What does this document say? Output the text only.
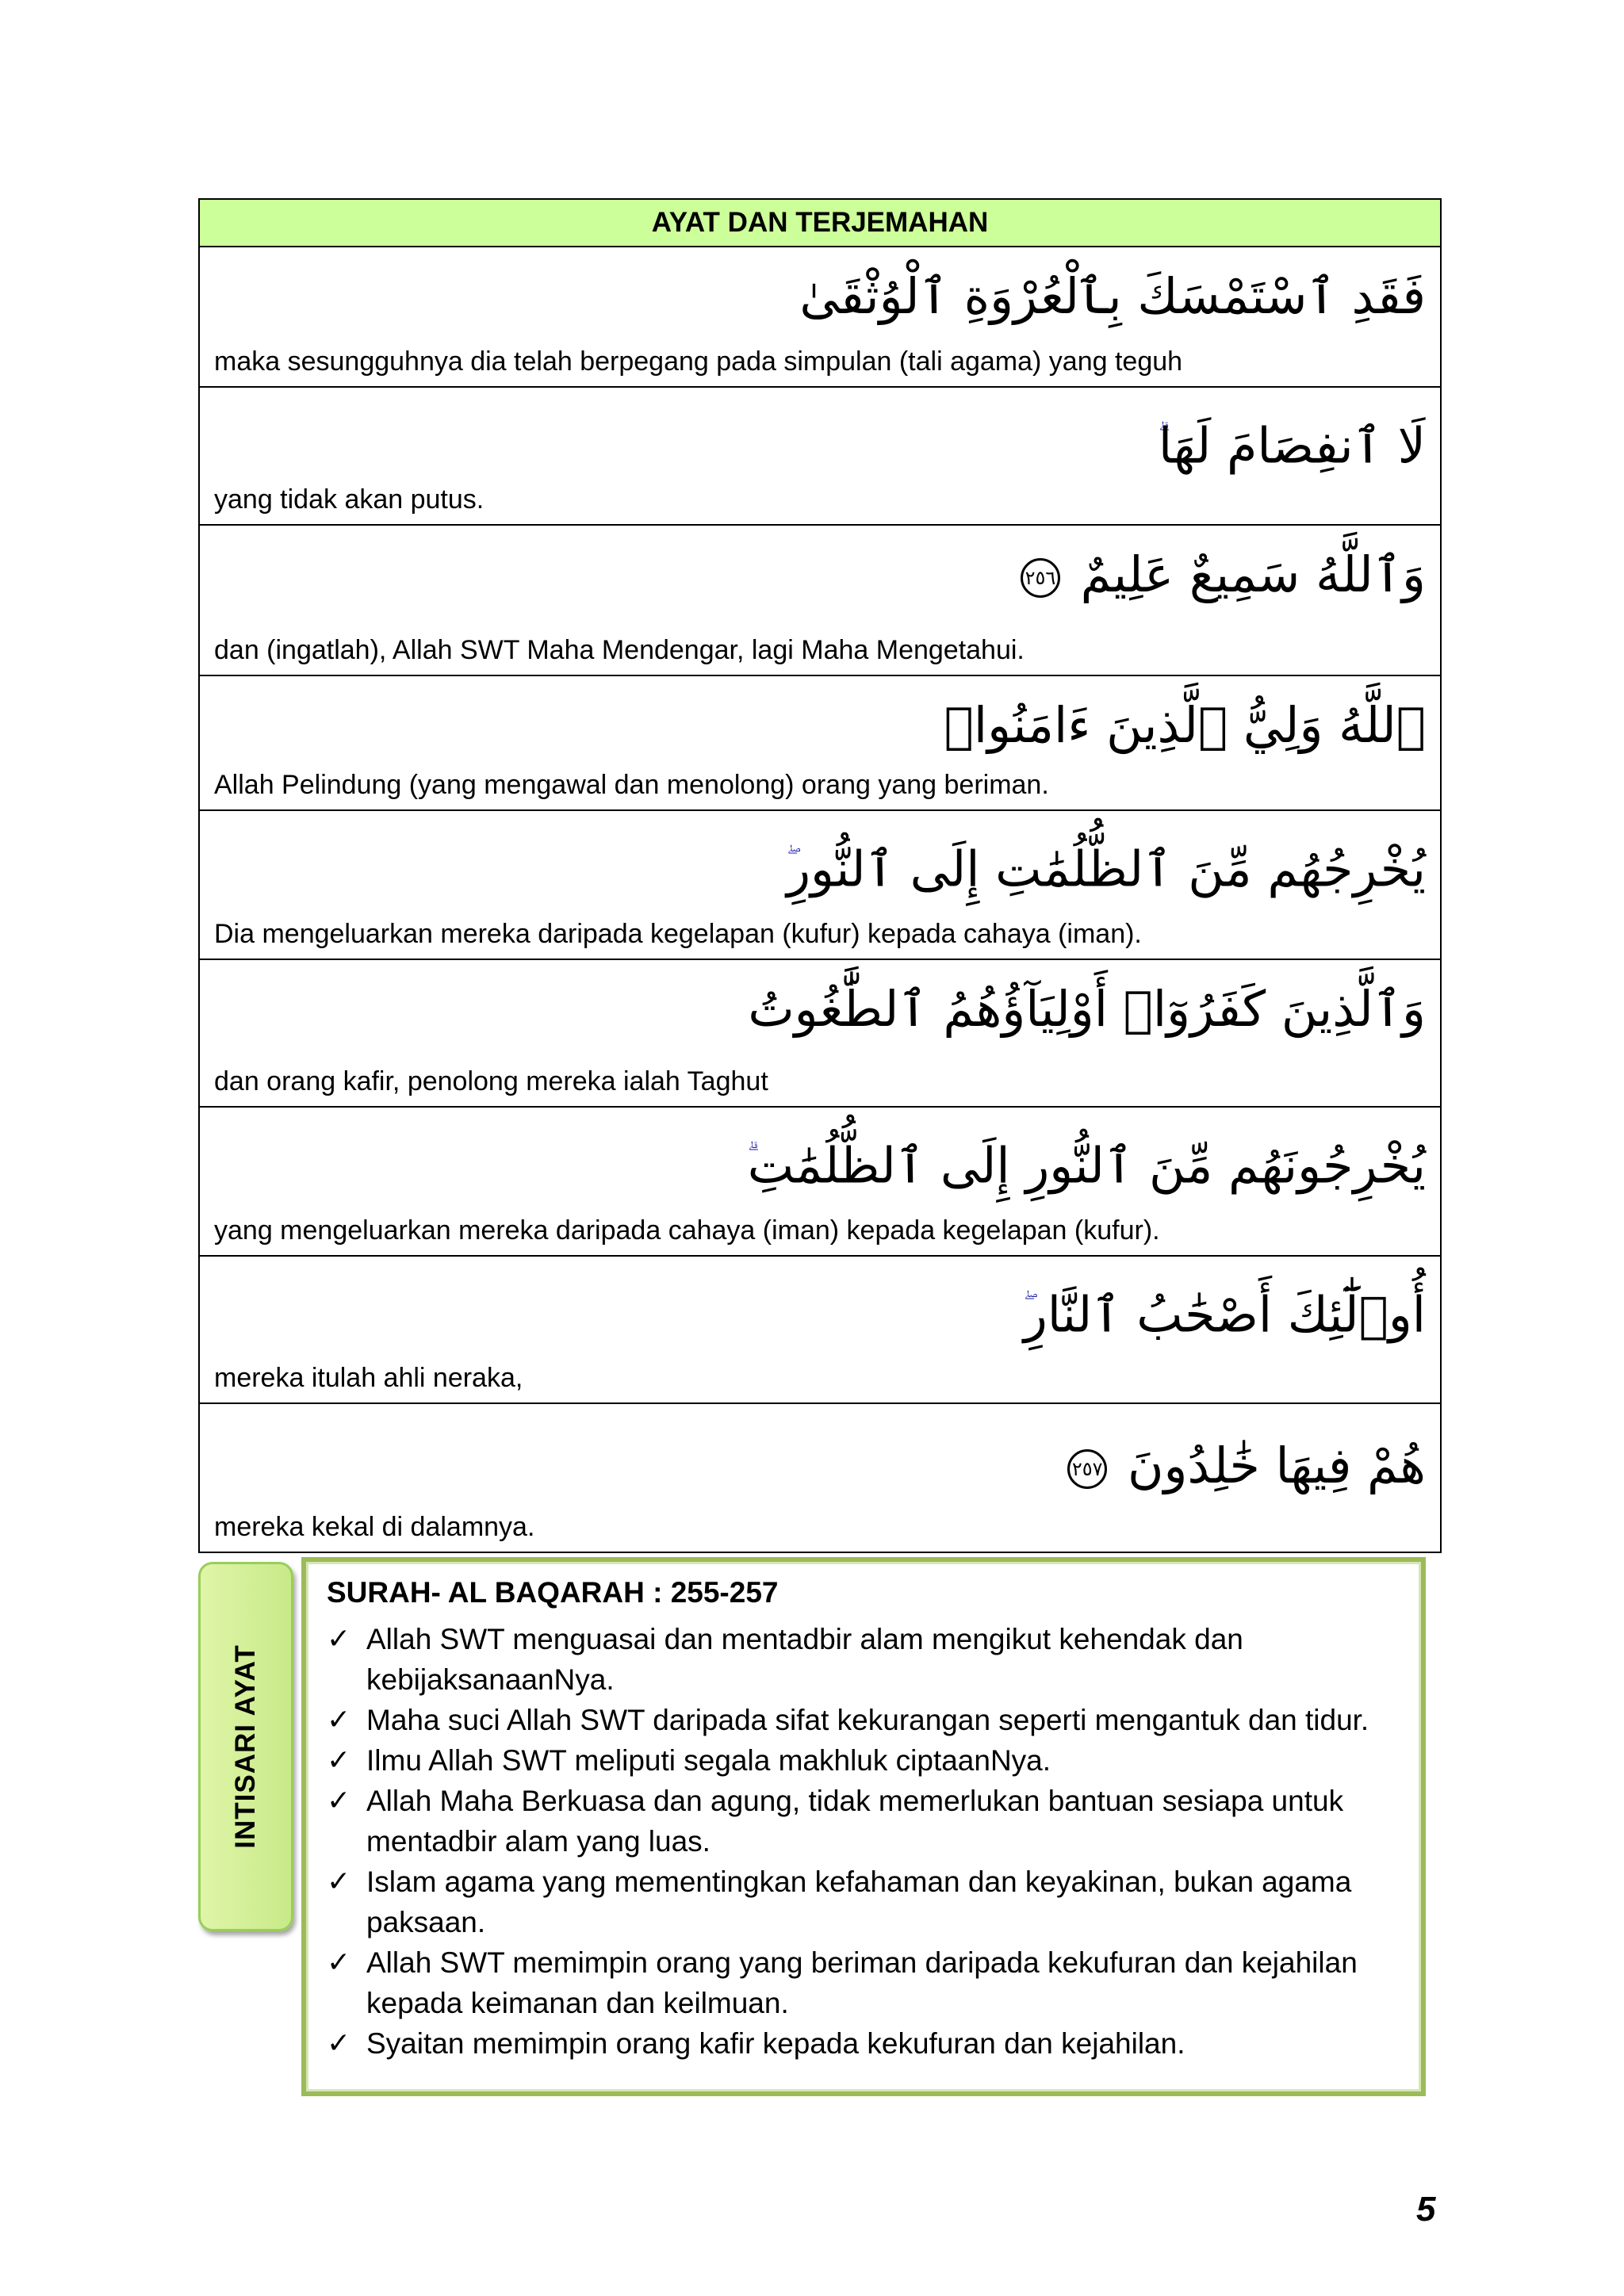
AYAT DAN TERJEMAHAN

فَقَدِ ٱسْتَمْسَكَ بِٱلْعُرْوَةِ ٱلْوُثْقَىٰ
maka sesungguhnya dia telah berpegang pada simpulan (tali agama) yang teguh

لَا ٱنفِصَامَ لَهَا
yang tidak akan putus.

وَٱللَّهُ سَمِيعٌ عَلِيمٌ ٢٥٦
dan (ingatlah), Allah SWT Maha Mendengar, lagi Maha Mengetahui.

ٱللَّهُ وَلِيُّ ٱلَّذِينَ ءَامَنُوا۟
Allah Pelindung (yang mengawal dan menolong) orang yang beriman.

يُخْرِجُهُم مِّنَ ٱلظُّلُمَٰتِ إِلَى ٱلنُّورِ
Dia mengeluarkan mereka daripada kegelapan (kufur) kepada cahaya (iman).

وَٱلَّذِينَ كَفَرُوٓا۟ أَوْلِيَآؤُهُمُ ٱلطَّٰغُوتُ
dan orang kafir, penolong mereka ialah Taghut

يُخْرِجُونَهُم مِّنَ ٱلنُّورِ إِلَى ٱلظُّلُمَٰتِ
yang mengeluarkan mereka daripada cahaya (iman) kepada kegelapan (kufur).

أُو۟لَٰٓئِكَ أَصْحَٰبُ ٱلنَّارِ
mereka itulah ahli neraka,

هُمْ فِيهَا خَٰلِدُونَ ٢٥٧
mereka kekal di dalamnya.
INTISARI AYAT
SURAH- AL BAQARAH : 255-257
✓ Allah SWT menguasai dan mentadbir alam mengikut kehendak dan kebijaksanaanNya.
✓ Maha suci Allah SWT daripada sifat kekurangan seperti mengantuk dan tidur.
✓ Ilmu Allah SWT meliputi segala makhluk ciptaanNya.
✓ Allah Maha Berkuasa dan agung, tidak memerlukan bantuan sesiapa untuk mentadbir alam yang luas.
✓ Islam agama yang mementingkan kefahaman dan keyakinan, bukan agama paksaan.
✓ Allah SWT memimpin orang yang beriman daripada kekufuran dan kejahilan kepada keimanan dan keilmuan.
✓ Syaitan memimpin orang kafir kepada kekufuran dan kejahilan.
5
